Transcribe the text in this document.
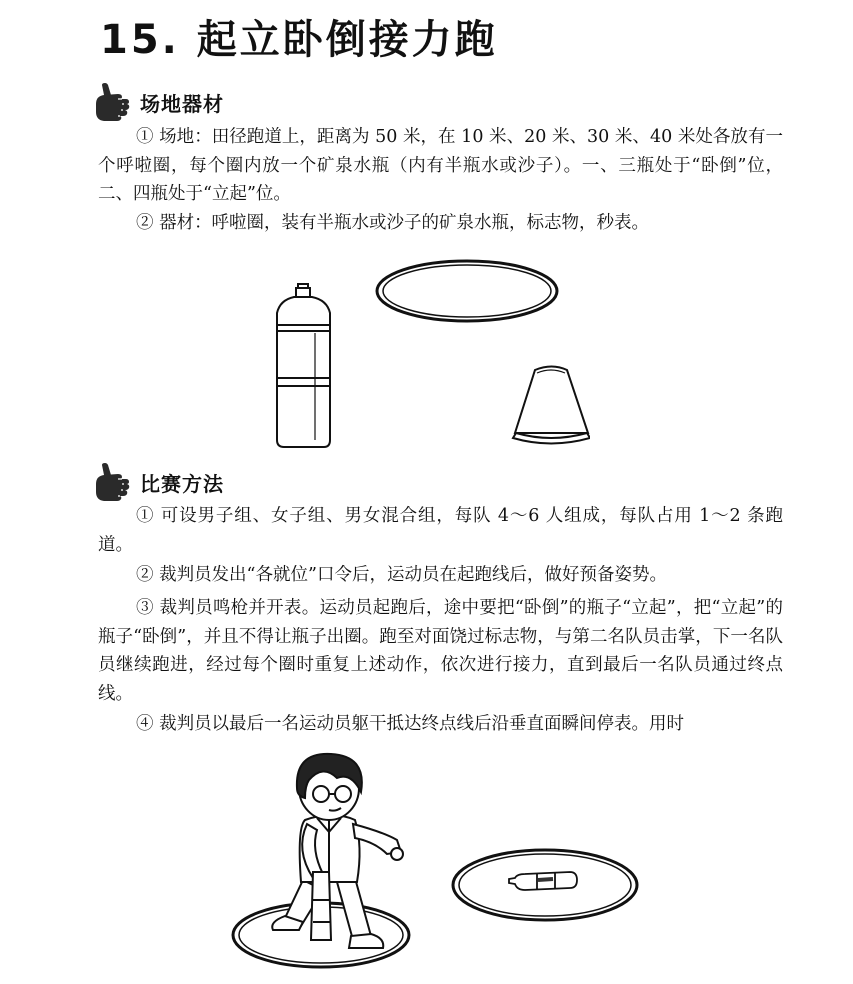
15. 起立卧倒接力跑
场地器材

① 场地：田径跑道上，距离为 50 米，在 10 米、20 米、30 米、40 米处各放有一个呼啦圈，每个圈内放一个矿泉水瓶（内有半瓶水或沙子）。一、三瓶处于“卧倒”位，二、四瓶处于“立起”位。

② 器材：呼啦圈，装有半瓶水或沙子的矿泉水瓶，标志物，秒表。

比赛方法

① 可设男子组、女子组、男女混合组，每队 4～6 人组成，每队占用 1～2 条跑道。

② 裁判员发出“各就位”口令后，运动员在起跑线后，做好预备姿势。

③ 裁判员鸣枪并开表。运动员起跑后，途中要把“卧倒”的瓶子“立起”，把“立起”的瓶子“卧倒”，并且不得让瓶子出圈。跑至对面饶过标志物，与第二名队员击掌，下一名队员继续跑进，经过每个圈时重复上述动作，依次进行接力，直到最后一名队员通过终点线。

④ 裁判员以最后一名运动员躯干抵达终点线后沿垂直面瞬间停表。用时
